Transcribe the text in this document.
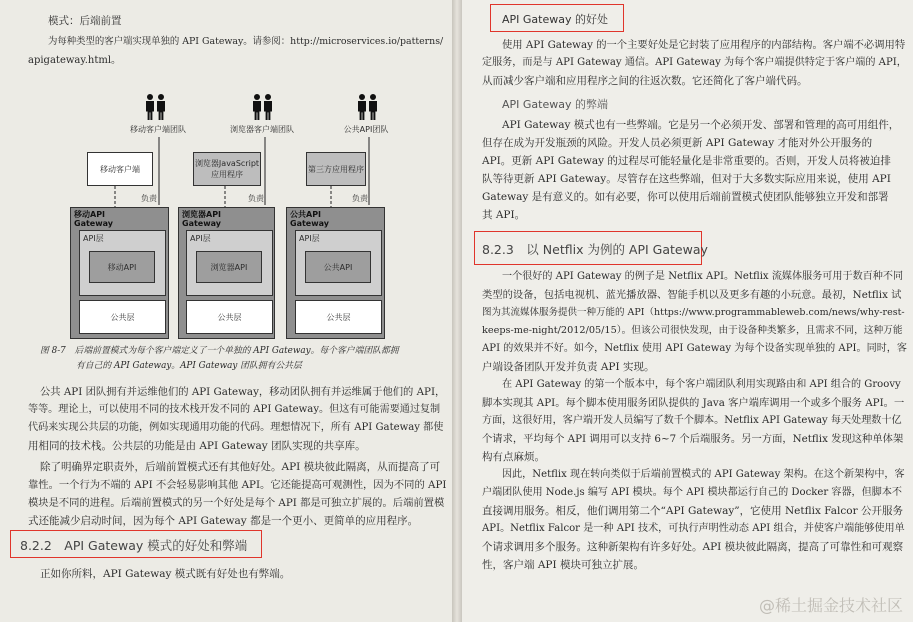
模式：后端前置
为每种类型的客户端实现单独的 API Gateway。请参阅：http://microservices.io/patterns/
apigateway.html。
移动客户端团队	浏览器客户端团队	公共API团队
移动客户端
浏览器JavaScript应用程序
第三方应用程序
负责	负责	负责
移动API Gateway
API层
移动API
公共层
浏览器API Gateway
API层
浏览器API
公共层
公共API Gateway
API层
公共API
公共层
图 8-7　后端前置模式为每个客户端定义了一个单独的 API Gateway。每个客户端团队都拥
有自己的 API Gateway。API Gateway 团队拥有公共层
公共 API 团队拥有并运维他们的 API Gateway，移动团队拥有并运维属于他们的 API，
等等。理论上，可以使用不同的技术栈开发不同的 API Gateway。但这有可能需要通过复制
代码来实现公共层的功能，例如实现通用功能的代码。理想情况下，所有 API Gateway 都使
用相同的技术栈。公共层的功能是由 API Gateway 团队实现的共享库。
除了明确界定职责外，后端前置模式还有其他好处。API 模块彼此隔离，从而提高了可
靠性。一个行为不端的 API 不会轻易影响其他 API。它还能提高可观测性，因为不同的 API
模块是不同的进程。后端前置模式的另一个好处是每个 API 都是可独立扩展的。后端前置模
式还能减少启动时间，因为每个 API Gateway 都是一个更小、更简单的应用程序。
8.2.2　API Gateway 模式的好处和弊端
正如你所料，API Gateway 模式既有好处也有弊端。
API Gateway 的好处
使用 API Gateway 的一个主要好处是它封装了应用程序的内部结构。客户端不必调用特
定服务，而是与 API Gateway 通信。API Gateway 为每个客户端提供特定于客户端的 API，
从而减少客户端和应用程序之间的往返次数。它还简化了客户端代码。
API Gateway 的弊端
API Gateway 模式也有一些弊端。它是另一个必须开发、部署和管理的高可用组件，
但存在成为开发瓶颈的风险。开发人员必须更新 API Gateway 才能对外公开服务的
API。更新 API Gateway 的过程尽可能轻量化是非常重要的。否则，开发人员将被迫排
队等待更新 API Gateway。尽管存在这些弊端，但对于大多数实际应用来说，使用 API
Gateway 是有意义的。如有必要，你可以使用后端前置模式使团队能够独立开发和部署
其 API。
8.2.3　以 Netflix 为例的 API Gateway
一个很好的 API Gateway 的例子是 Netflix API。Netflix 流媒体服务可用于数百种不同
类型的设备，包括电视机、蓝光播放器、智能手机以及更多有趣的小玩意。最初，Netflix 试
图为其流媒体服务提供一种万能的 API（https://www.programmableweb.com/news/why-rest-
keeps-me-night/2012/05/15）。但该公司很快发现，由于设备种类繁多，且需求不同，这种万能
API 的效果并不好。如今，Netflix 使用 API Gateway 为每个设备实现单独的 API。同时，客
户端设备团队开发并负责 API 实现。
在 API Gateway 的第一个版本中，每个客户端团队利用实现路由和 API 组合的 Groovy
脚本实现其 API。每个脚本使用服务团队提供的 Java 客户端库调用一个或多个服务 API。一
方面，这很好用，客户端开发人员编写了数千个脚本。Netflix API Gateway 每天处理数十亿
个请求，平均每个 API 调用可以支持 6~7 个后端服务。另一方面，Netflix 发现这种单体架
构有点麻烦。
因此，Netflix 现在转向类似于后端前置模式的 API Gateway 架构。在这个新架构中，客
户端团队使用 Node.js 编写 API 模块。每个 API 模块都运行自己的 Docker 容器，但脚本不
直接调用服务。相反，他们调用第二个“API Gateway”，它使用 Netflix Falcor 公开服务
API。Netflix Falcor 是一种 API 技术，可执行声明性动态 API 组合，并使客户端能够使用单
个请求调用多个服务。这种新架构有许多好处。API 模块彼此隔离，提高了可靠性和可观察
性，客户端 API 模块可独立扩展。
@稀土掘金技术社区
